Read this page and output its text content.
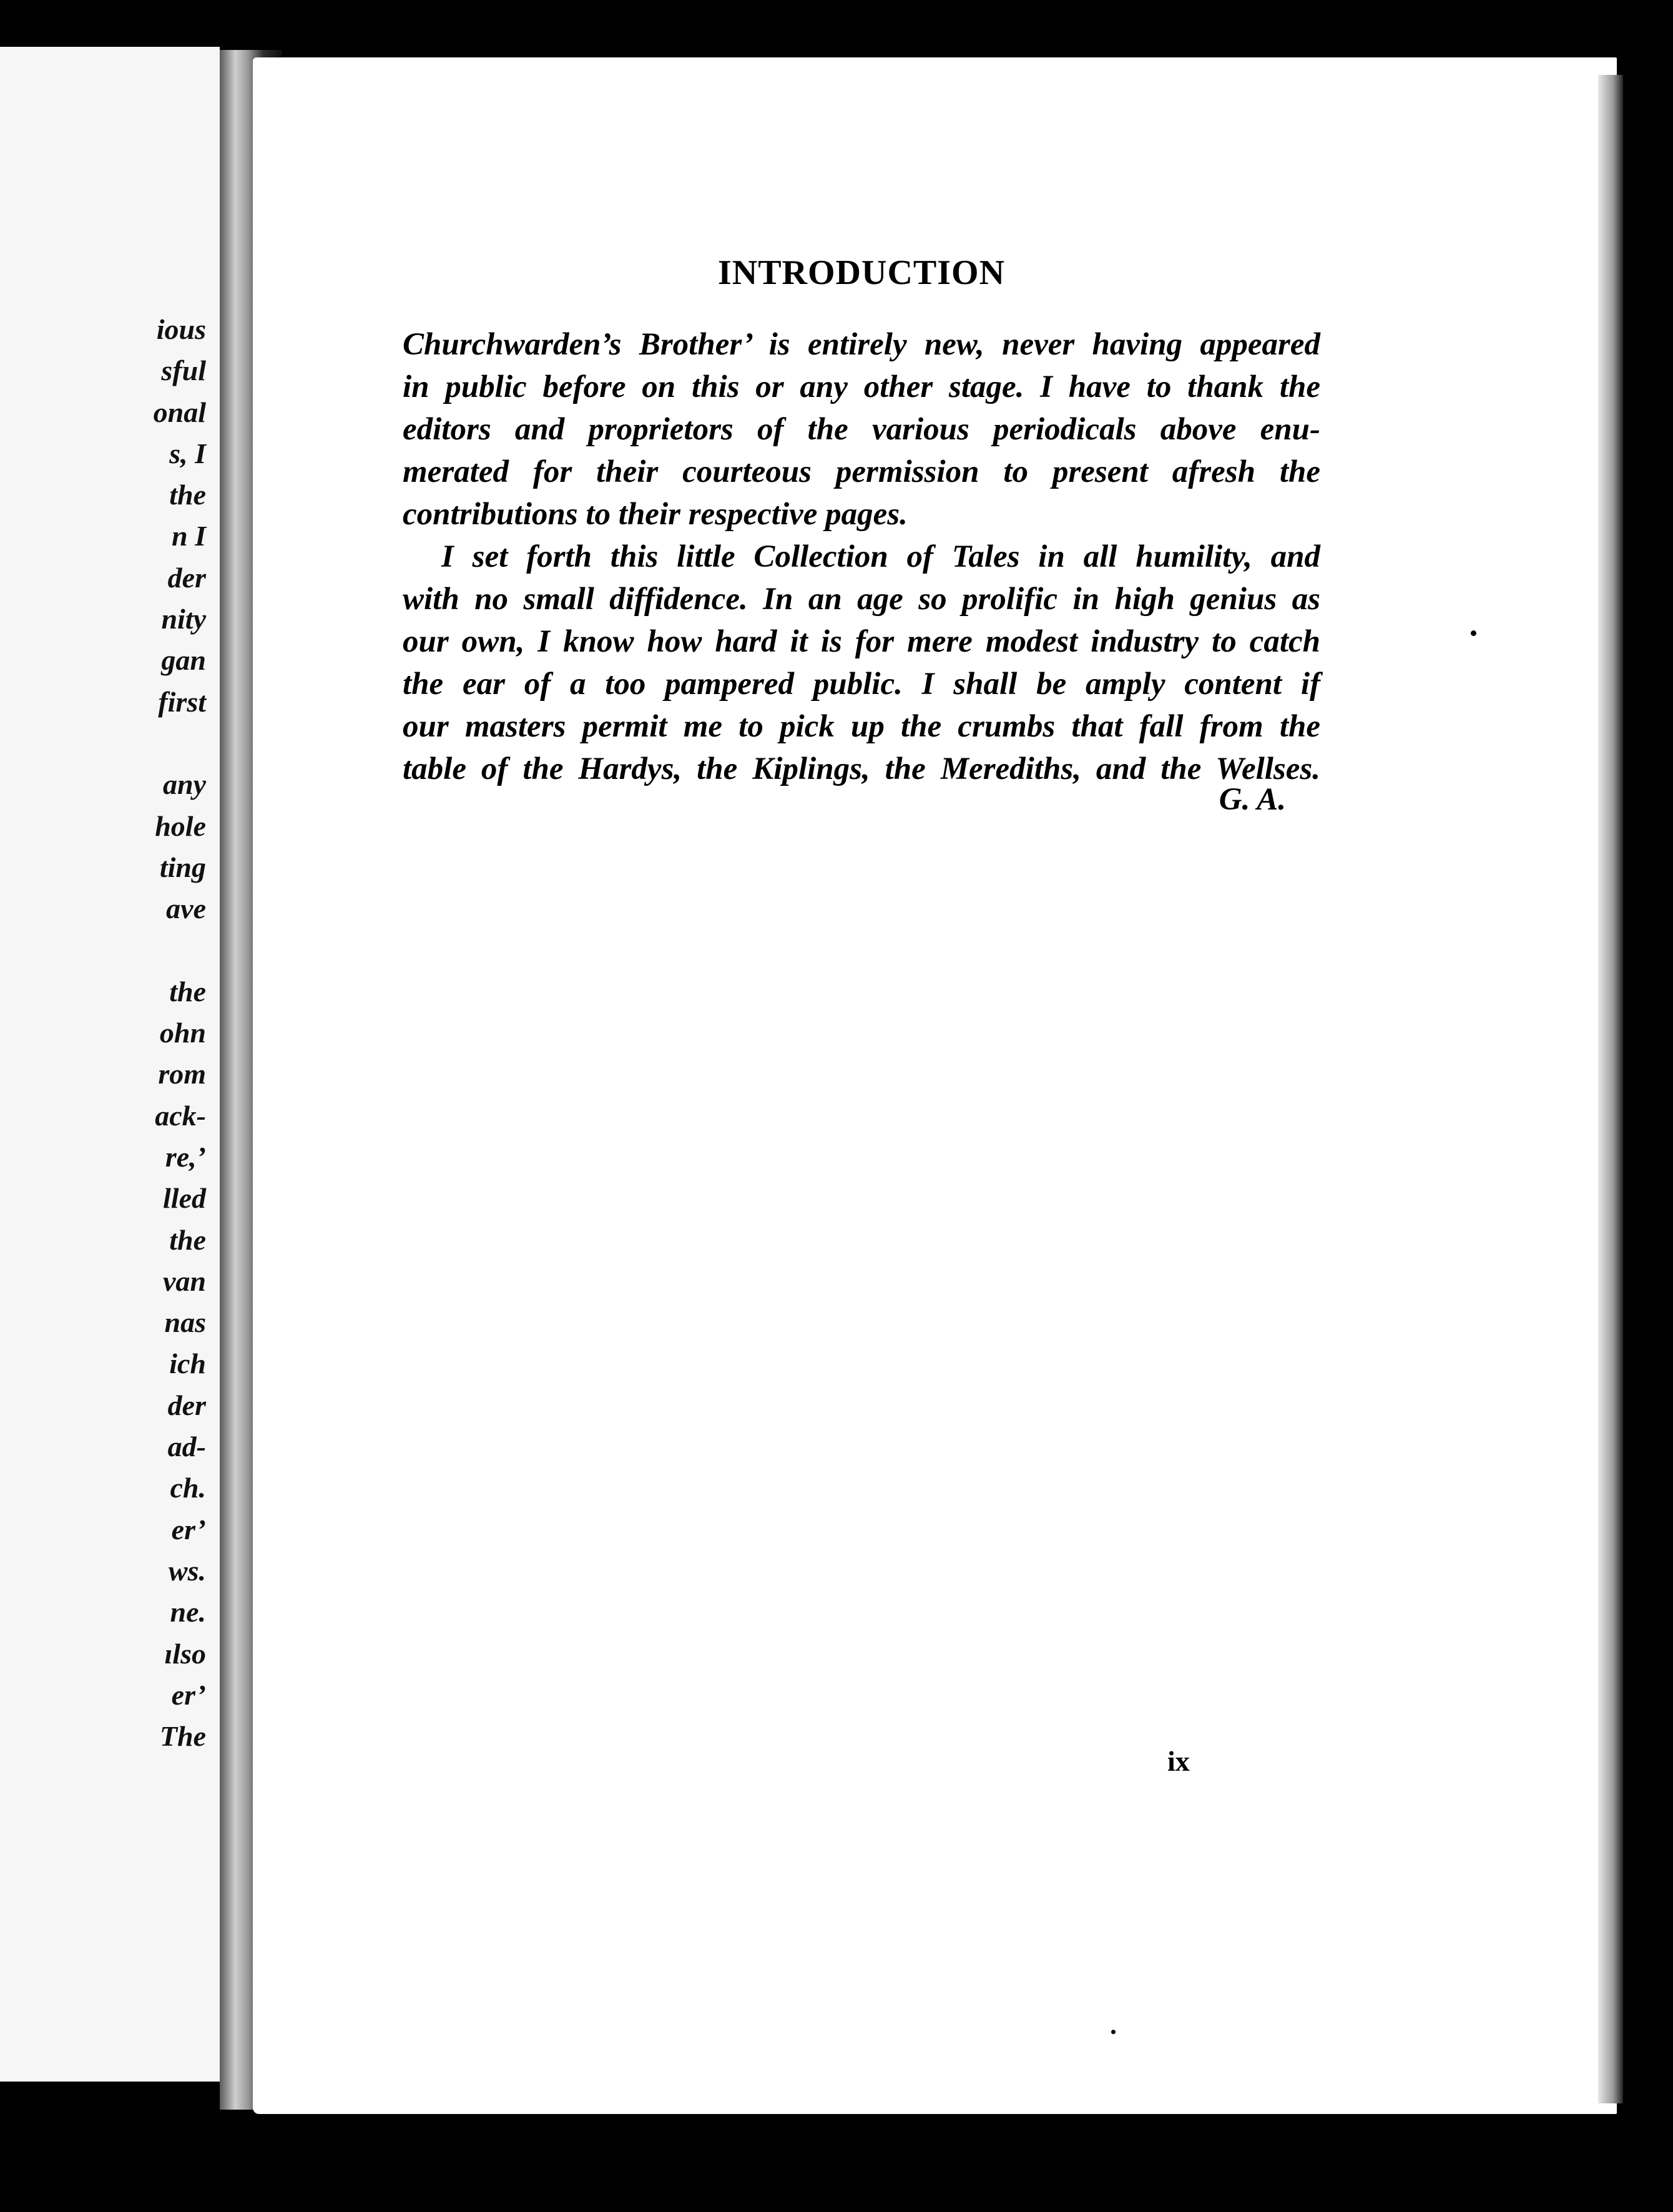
ious
sful
onal
s, I
the
n I
der
nity
gan
first
any
hole
ting
ave
the
ohn
rom
ack-
re,’
lled
the
van
nas
ich
der
ad-
ch.
er’
ws.
ne.
ılso
er’
The
INTRODUCTION

Churchwarden’s Brother’ is entirely new, never having appeared
in public before on this or any other stage. I have to thank the
editors and proprietors of the various periodicals above enu-
merated for their courteous permission to present afresh the
contributions to their respective pages.

I set forth this little Collection of Tales in all humility, and
with no small diffidence. In an age so prolific in high genius as
our own, I know how hard it is for mere modest industry to catch
the ear of a too pampered public. I shall be amply content if
our masters permit me to pick up the crumbs that fall from the
table of the Hardys, the Kiplings, the Merediths, and the Wellses.

G. A.
ix
